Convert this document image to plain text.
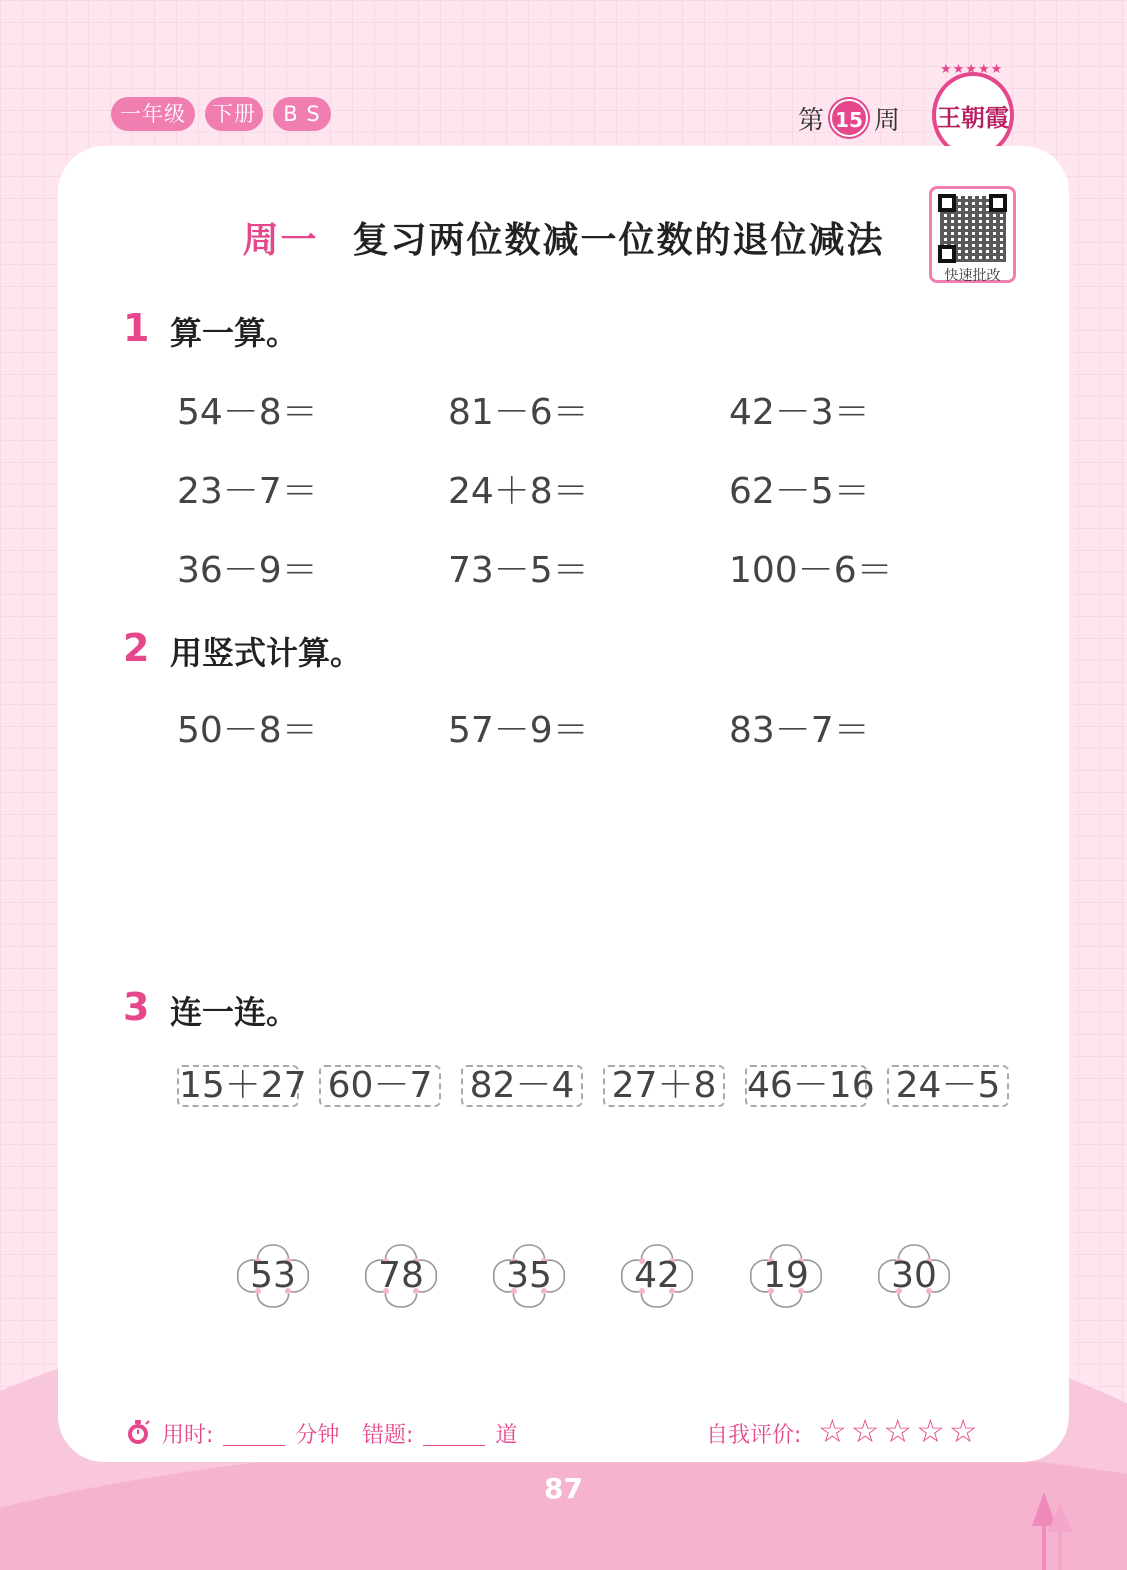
一年级	下册	B S	第 15 周
★★★★★
王朝霞
周一 复习两位数减一位数的退位减法
快速批改
1 算一算。
54－8＝	81－6＝	42－3＝
23－7＝	24＋8＝	62－5＝
36－9＝	73－5＝	100－6＝
2 用竖式计算。
50－8＝	57－9＝	83－7＝
3 连一连。
15＋27 60－7 82－4 27＋8 46－16 24－5
53	78	35	42	19	30
用时:	分钟 错题:	道	自我评价: ☆☆☆☆☆
87
